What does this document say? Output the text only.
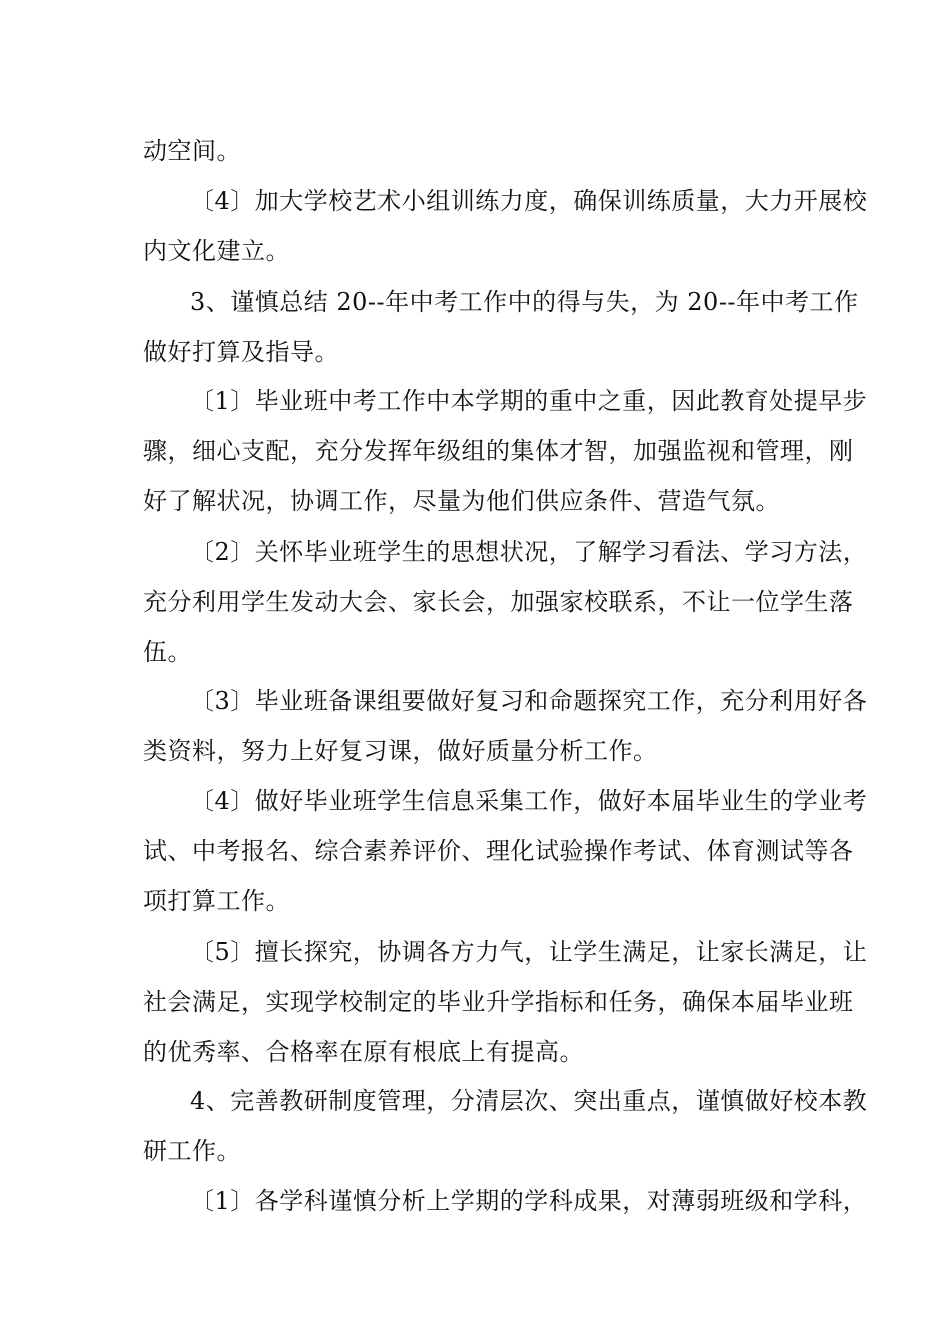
动空间。
〔4〕加大学校艺术小组训练力度，确保训练质量，大力开展校
内文化建立。
3、谨慎总结 20--年中考工作中的得与失，为 20--年中考工作
做好打算及指导。
〔1〕毕业班中考工作中本学期的重中之重，因此教育处提早步
骤，细心支配，充分发挥年级组的集体才智，加强监视和管理，刚
好了解状况，协调工作，尽量为他们供应条件、营造气氛。
〔2〕关怀毕业班学生的思想状况，了解学习看法、学习方法，
充分利用学生发动大会、家长会，加强家校联系，不让一位学生落
伍。
〔3〕毕业班备课组要做好复习和命题探究工作，充分利用好各
类资料，努力上好复习课，做好质量分析工作。
〔4〕做好毕业班学生信息采集工作，做好本届毕业生的学业考
试、中考报名、综合素养评价、理化试验操作考试、体育测试等各
项打算工作。
〔5〕擅长探究，协调各方力气，让学生满足，让家长满足，让
社会满足，实现学校制定的毕业升学指标和任务，确保本届毕业班
的优秀率、合格率在原有根底上有提高。
4、完善教研制度管理，分清层次、突出重点，谨慎做好校本教
研工作。
〔1〕各学科谨慎分析上学期的学科成果，对薄弱班级和学科，
